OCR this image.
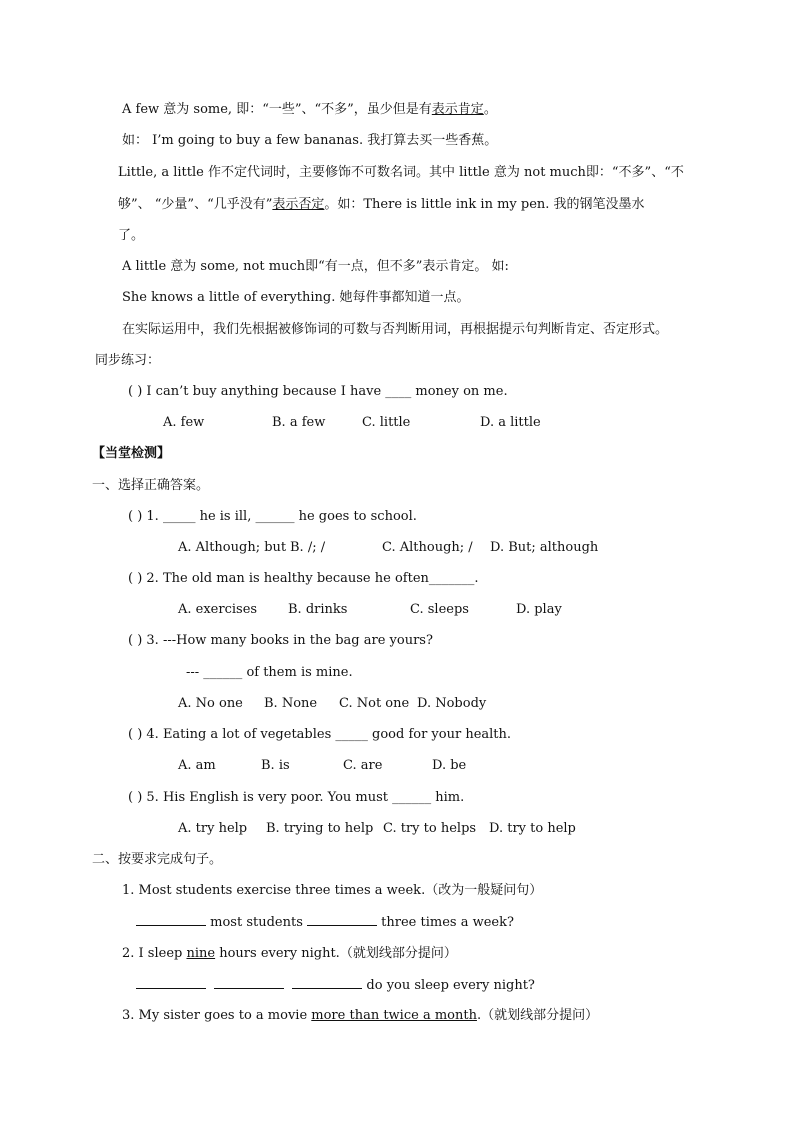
A few 意为 some, 即：“一些”、“不多”，虽少但是有表示肯定。
如： I’m going to buy a few bananas. 我打算去买一些香蕉。
Little, a little 作不定代词时，主要修饰不可数名词。其中 little 意为 not much即：“不多”、“不
够”、 “少量”、“几乎没有”表示否定。如：There is little ink in my pen. 我的钢笔没墨水
了。
A little 意为 some, not much即“有一点，但不多”表示肯定。 如:
She knows a little of everything. 她每件事都知道一点。
在实际运用中，我们先根据被修饰词的可数与否判断用词，再根据提示句判断肯定、否定形式。
同步练习：
( ) I can’t buy anything because I have ____ money on me.
A. few	B. a few	C. little	D. a little
【当堂检测】
一、选择正确答案。
( ) 1. _____ he is ill, ______ he goes to school.
A. Although; but B. /; /	C. Although; / D. But; although
( ) 2. The old man is healthy because he often_______.
A. exercises B. drinks	C. sleeps	D. play
( ) 3. ---How many books in the bag are yours?
--- ______ of them is mine.
A. No one B. None C. Not one D. Nobody
( ) 4. Eating a lot of vegetables _____ good for your health.
A. am	B. is	C. are	D. be
( ) 5. His English is very poor. You must ______ him.
A. try help B. trying to help C. try to helps D. try to help
二、按要求完成句子。
1. Most students exercise three times a week.（改为一般疑问句）
most students	three times a week?
2. I sleep nine hours every night.（就划线部分提问）
do you sleep every night?
3. My sister goes to a movie more than twice a month.（就划线部分提问）
